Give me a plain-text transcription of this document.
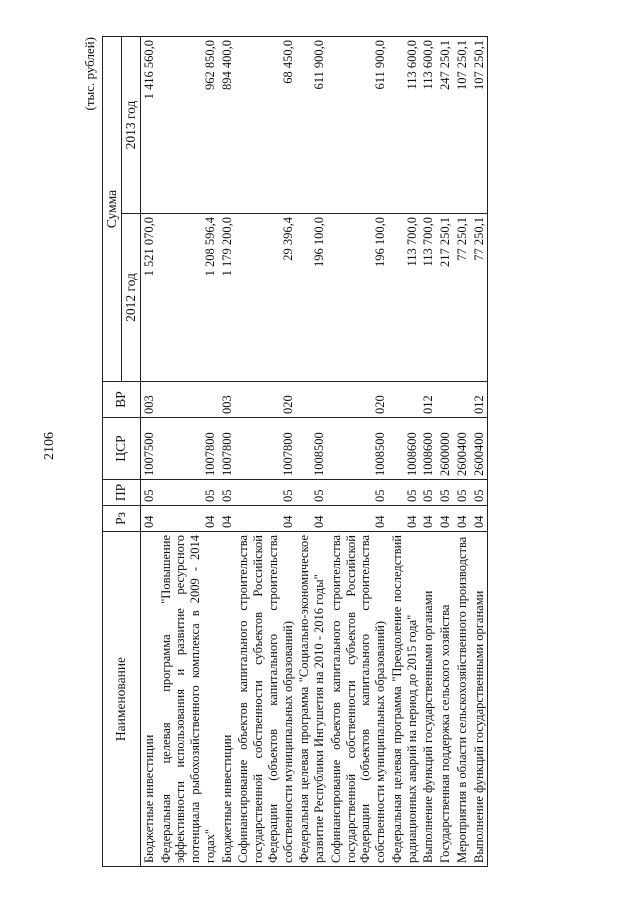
2106
(тыс. рублей)
Наименование	Рз	ПР	ЦСР	ВР	Сумма	
					2012 год	2013 год
Бюджетные инвестиции	04	05	1007500	003	1 521 070,0	1 416 560,0
Федеральная целевая программа "Повышение эффективности использования и развитие ресурсного потенциала рыбохозяйственного комплекса в 2009 - 2014 годах"	04	05	1007800		1 208 596,4	962 850,0
Бюджетные инвестиции	04	05	1007800	003	1 179 200,0	894 400,0
Софинансирование объектов капитального строительства государственной собственности субъектов Российской Федерации (объектов капитального строительства собственности муниципальных образований)	04	05	1007800	020	29 396,4	68 450,0
Федеральная целевая программа "Социально-экономическое развитие Республики Ингушетия на 2010 - 2016 годы"	04	05	1008500		196 100,0	611 900,0
Софинансирование объектов капитального строительства государственной собственности субъектов Российской Федерации (объектов капитального строительства собственности муниципальных образований)	04	05	1008500	020	196 100,0	611 900,0
Федеральная целевая программа "Преодоление последствий радиационных аварий на период до 2015 года"	04	05	1008600		113 700,0	113 600,0
Выполнение функций государственными органами	04	05	1008600	012	113 700,0	113 600,0
Государственная поддержка сельского хозяйства	04	05	2600000		217 250,1	247 250,1
Мероприятия в области сельскохозяйственного производства	04	05	2600400		77 250,1	107 250,1
Выполнение функций государственными органами	04	05	2600400	012	77 250,1	107 250,1
